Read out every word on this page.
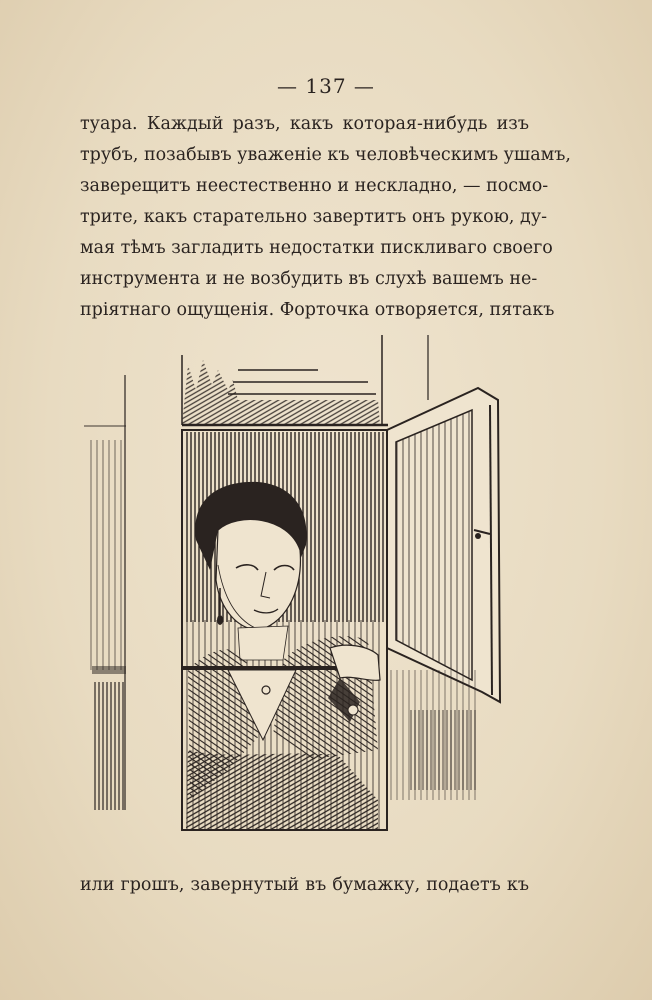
— 137 —
туара. Каждый разъ, какъ которая-нибудь изъ
трубъ, позабывъ уваженіе къ человѣческимъ ушамъ,
заверещитъ неестественно и нескладно, — посмо-
трите, какъ старательно завертитъ онъ рукою, ду-
мая тѣмъ загладить недостатки пискливаго своего
инструмента и не возбудить въ слухѣ вашемъ не-
пріятнаго ощущенія. Форточка отворяется, пятакъ
или грошъ, завернутый въ бумажку, подаетъ къ
